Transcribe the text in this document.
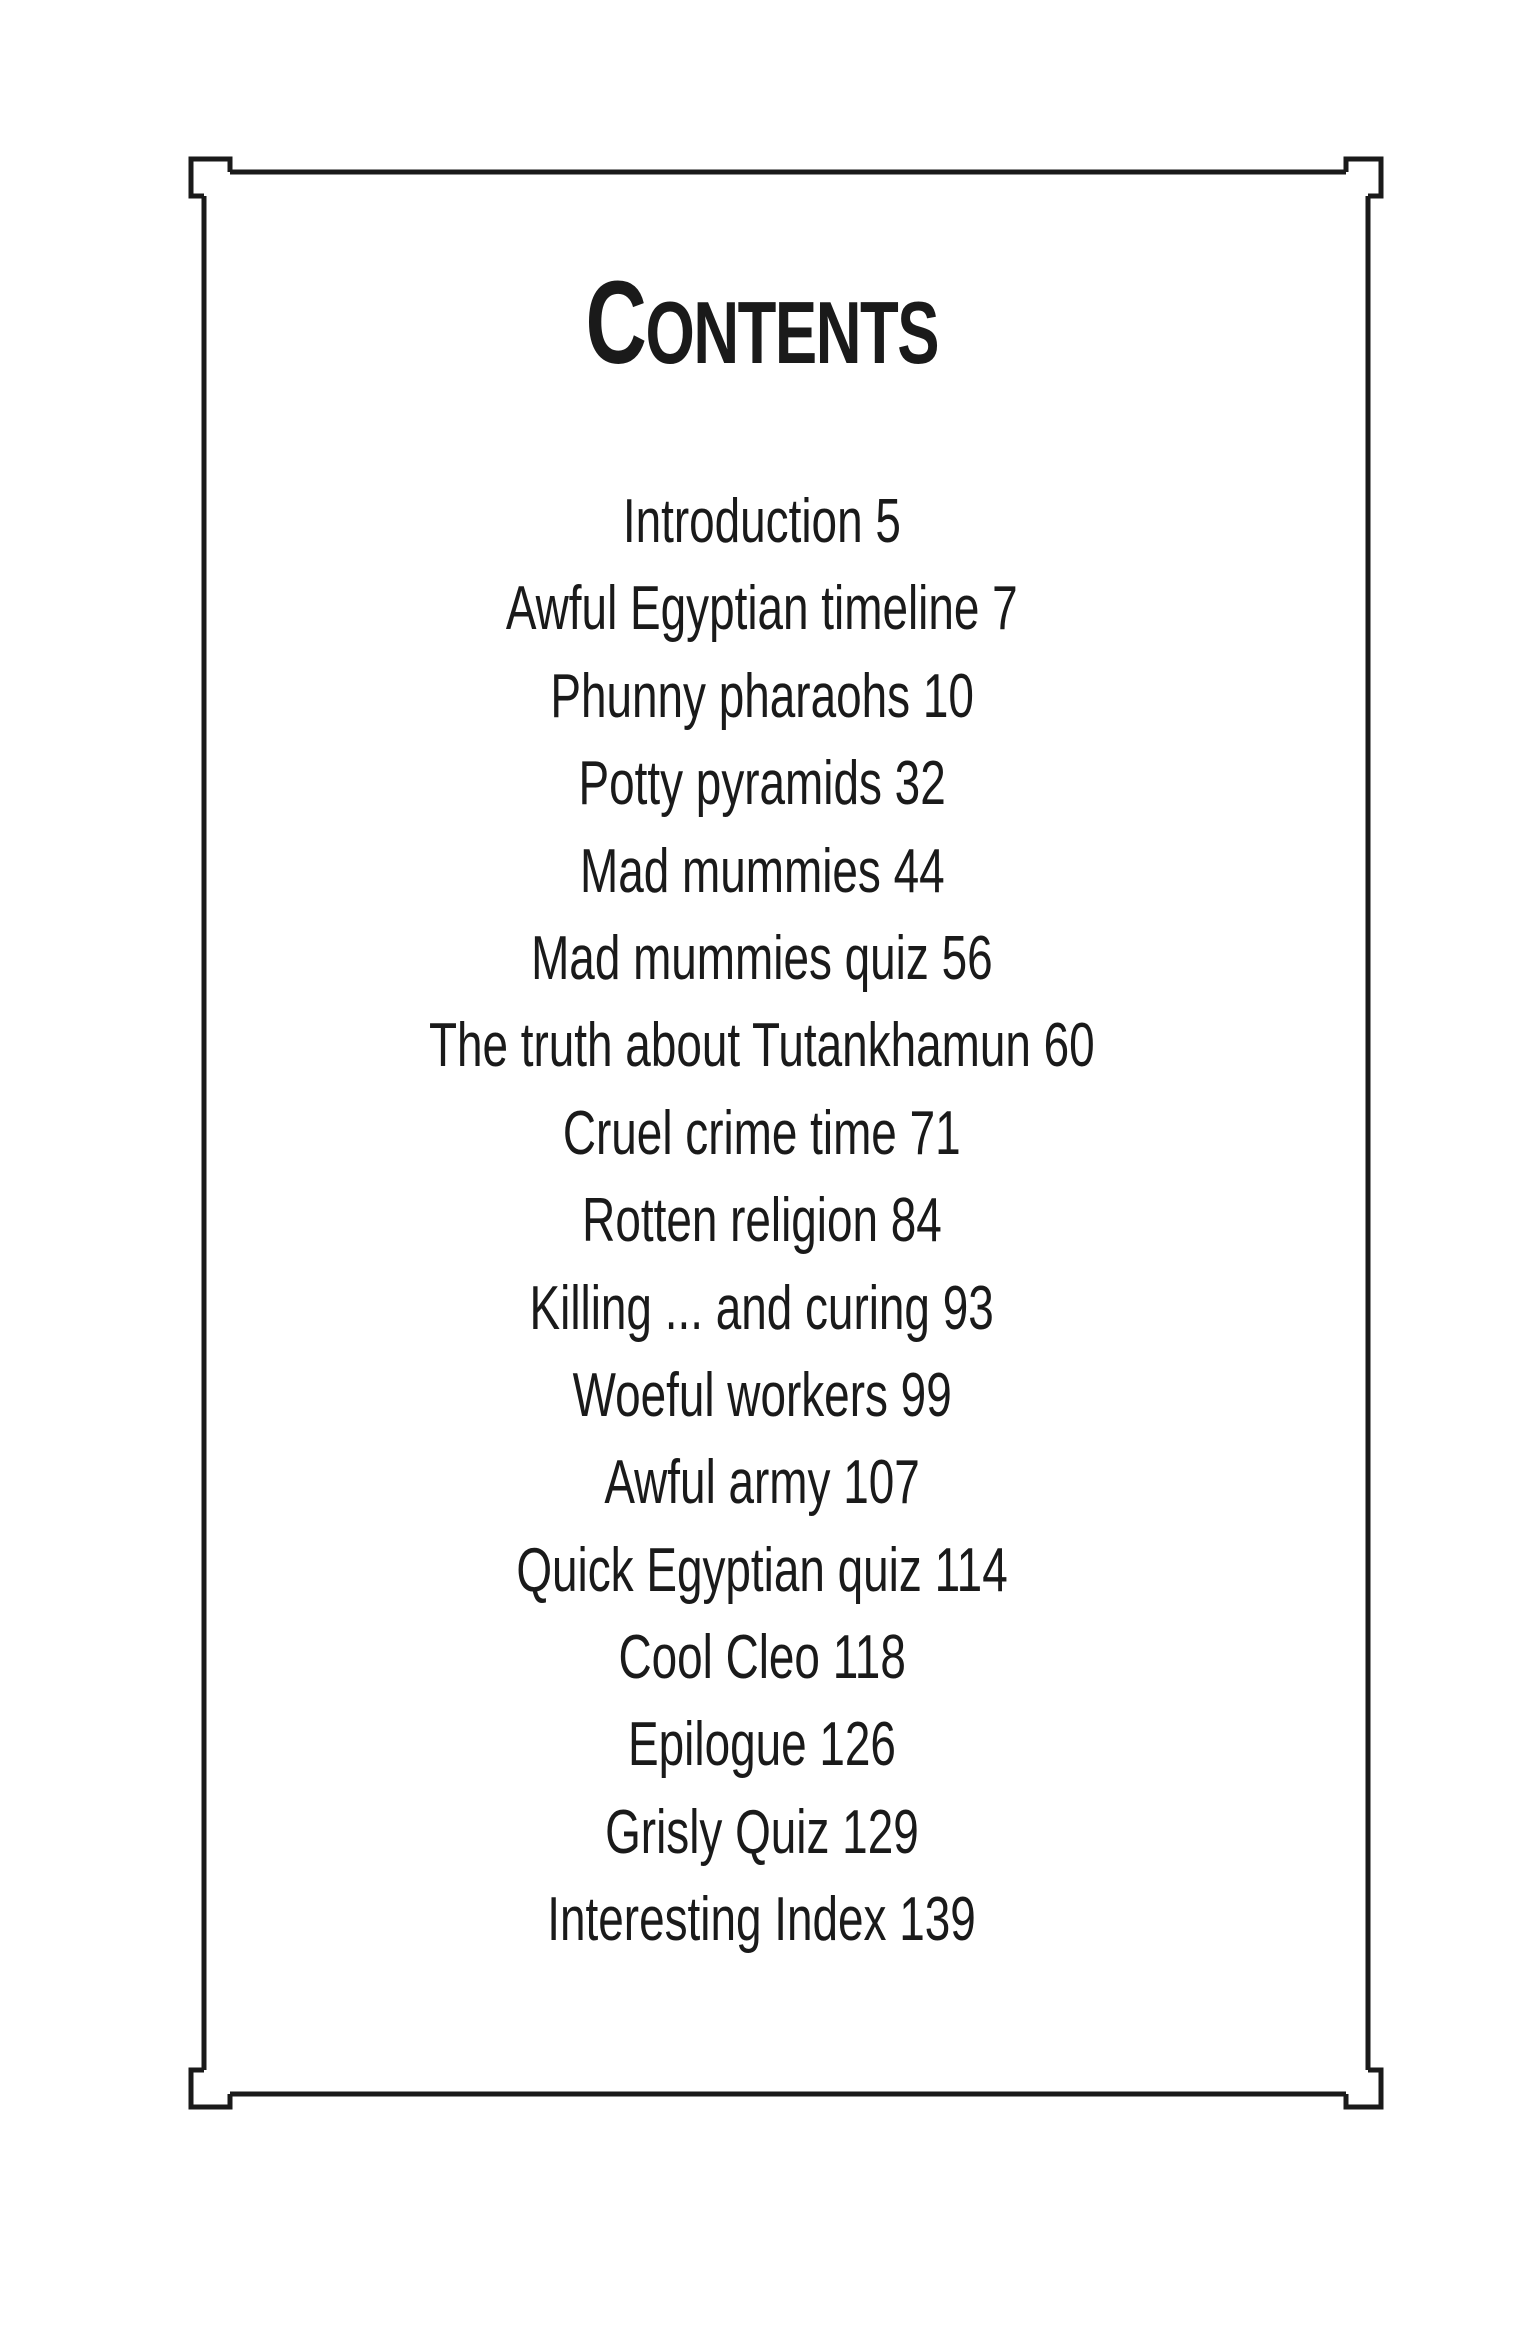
CONTENTS
Introduction 5
Awful Egyptian timeline 7
Phunny pharaohs 10
Potty pyramids 32
Mad mummies 44
Mad mummies quiz 56
The truth about Tutankhamun 60
Cruel crime time 71
Rotten religion 84
Killing ... and curing 93
Woeful workers 99
Awful army 107
Quick Egyptian quiz 114
Cool Cleo 118
Epilogue 126
Grisly Quiz 129
Interesting Index 139
